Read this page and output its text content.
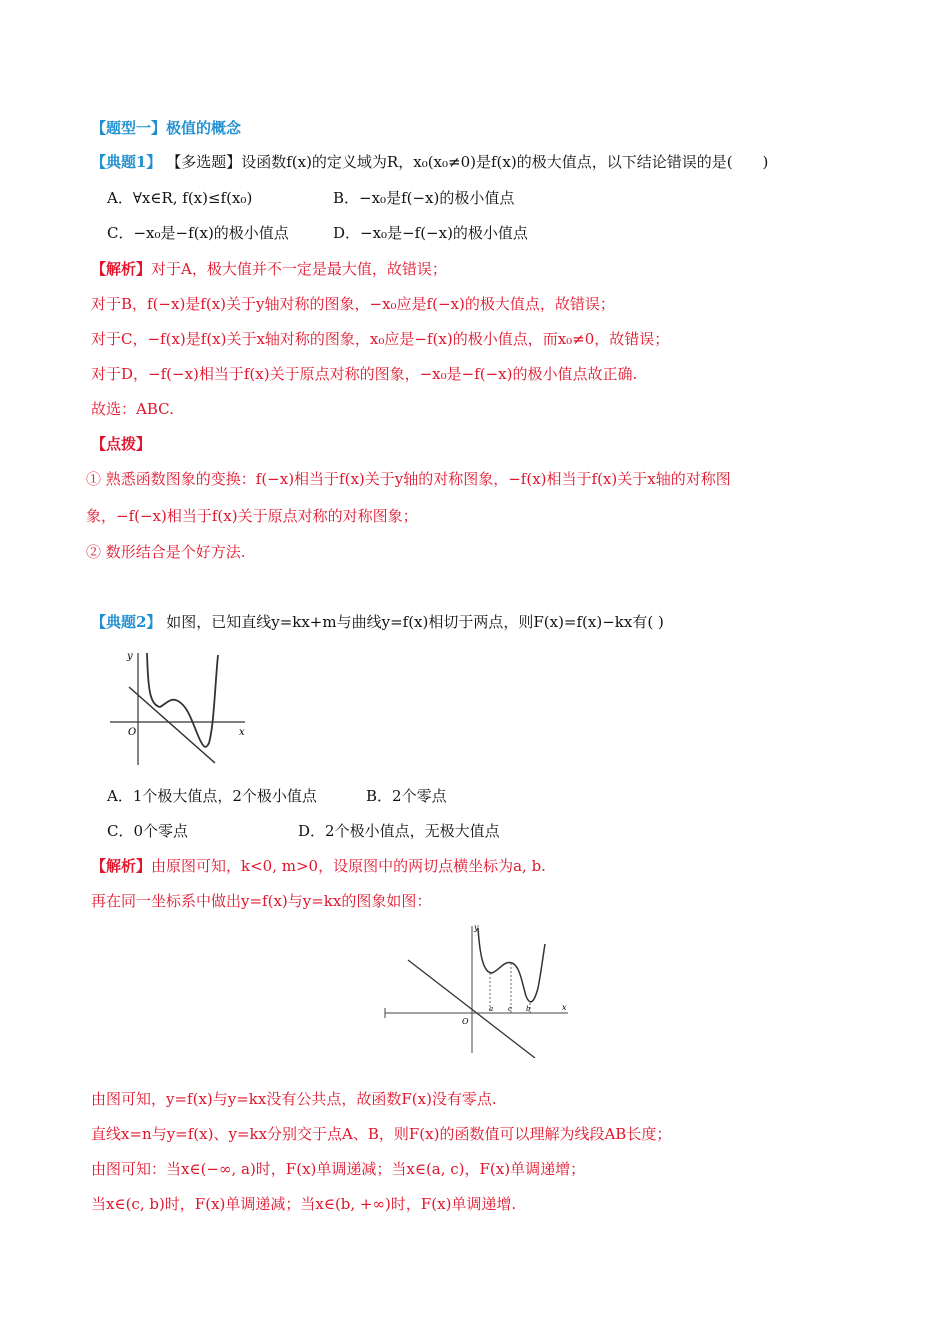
【题型一】极值的概念
【典题1】 【多选题】设函数f(x)的定义域为R，x₀(x₀≠0)是f(x)的极大值点，以下结论错误的是(　　)
A．∀x∈R, f(x)≤f(x₀)	B．−x₀是f(−x)的极小值点
C．−x₀是−f(x)的极小值点	D．−x₀是−f(−x)的极小值点
【解析】对于A，极大值并不一定是最大值，故错误；
对于B，f(−x)是f(x)关于y轴对称的图象，−x₀应是f(−x)的极大值点，故错误；
对于C，−f(x)是f(x)关于x轴对称的图象，x₀应是−f(x)的极小值点，而x₀≠0，故错误；
对于D，−f(−x)相当于f(x)关于原点对称的图象，−x₀是−f(−x)的极小值点故正确.
故选：ABC.
【点拨】
① 熟悉函数图象的变换：f(−x)相当于f(x)关于y轴的对称图象，−f(x)相当于f(x)关于x轴的对称图
象，−f(−x)相当于f(x)关于原点对称的对称图象；
② 数形结合是个好方法.
【典题2】 如图，已知直线y=kx+m与曲线y=f(x)相切于两点，则F(x)=f(x)−kx有( )
y
x
O
A．1个极大值点，2个极小值点	B．2个零点
C．0个零点	D．2个极小值点，无极大值点
【解析】由原图可知，k<0, m>0，设原图中的两切点横坐标为a, b.
再在同一坐标系中做出y=f(x)与y=kx的图象如图：
y
x
O
a c b
由图可知，y=f(x)与y=kx没有公共点，故函数F(x)没有零点.
直线x=n与y=f(x)、y=kx分别交于点A、B，则F(x)的函数值可以理解为线段AB长度；
由图可知：当x∈(−∞, a)时，F(x)单调递减；当x∈(a, c)，F(x)单调递增；
当x∈(c, b)时，F(x)单调递减；当x∈(b, +∞)时，F(x)单调递增.
